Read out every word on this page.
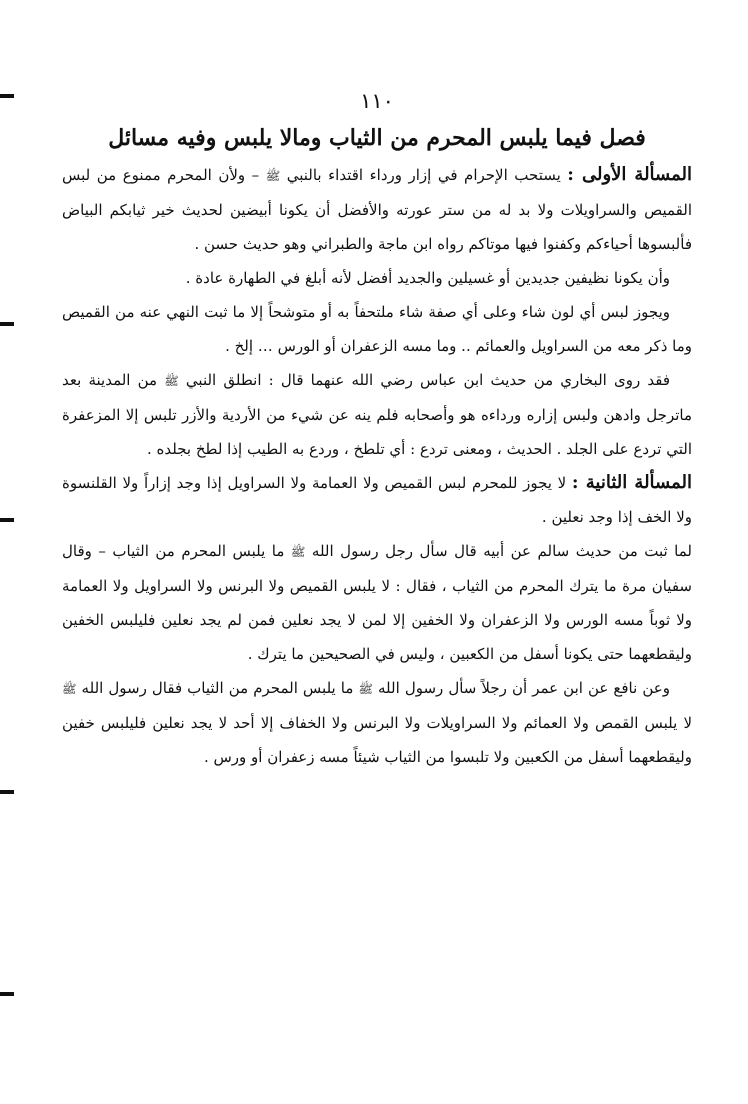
١١٠
فصل فيما يلبس المحرم من الثياب ومالا يلبس وفيه مسائل

المسألة الأولى : يستحب الإحرام في إزار ورداء اقتداء بالنبي ﷺ – ولأن المحرم ممنوع من لبس القميص والسراويلات ولا بد له من ستر عورته والأفضل أن يكونا أبيضين لحديث خير ثيابكم البياض فألبسوها أحياءكم وكفنوا فيها موتاكم رواه ابن ماجة والطبراني وهو حديث حسن .

وأن يكونا نظيفين جديدين أو غسيلين والجديد أفضل لأنه أبلغ في الطهارة عادة .

ويجوز لبس أي لون شاء وعلى أي صفة شاء ملتحفاً به أو متوشحاً إلا ما ثبت النهي عنه من القميص وما ذكر معه من السراويل والعمائم .. وما مسه الزعفران أو الورس … إلخ .

فقد روى البخاري من حديث ابن عباس رضي الله عنهما قال : انطلق النبي ﷺ من المدينة بعد ماترجل وادهن ولبس إزاره ورداءه هو وأصحابه فلم ينه عن شيء من الأردية والأزر تلبس إلا المزعفرة التي تردع على الجلد . الحديث ، ومعنى تردع : أي تلطخ ، وردع به الطيب إذا لطخ بجلده .

المسألة الثانية : لا يجوز للمحرم لبس القميص ولا العمامة ولا السراويل إذا وجد إزاراً ولا القلنسوة ولا الخف إذا وجد نعلين .

لما ثبت من حديث سالم عن أبيه قال سأل رجل رسول الله ﷺ ما يلبس المحرم من الثياب – وقال سفيان مرة ما يترك المحرم من الثياب ، فقال : لا يلبس القميص ولا البرنس ولا السراويل ولا العمامة ولا ثوباً مسه الورس ولا الزعفران ولا الخفين إلا لمن لا يجد نعلين فمن لم يجد نعلين فليلبس الخفين وليقطعهما حتى يكونا أسفل من الكعبين ، وليس في الصحيحين ما يترك .

وعن نافع عن ابن عمر أن رجلاً سأل رسول الله ﷺ ما يلبس المحرم من الثياب فقال رسول الله ﷺ لا يلبس القمص ولا العمائم ولا السراويلات ولا البرنس ولا الخفاف إلا أحد لا يجد نعلين فليلبس خفين وليقطعهما أسفل من الكعبين ولا تلبسوا من الثياب شيئاً مسه زعفران أو ورس .
